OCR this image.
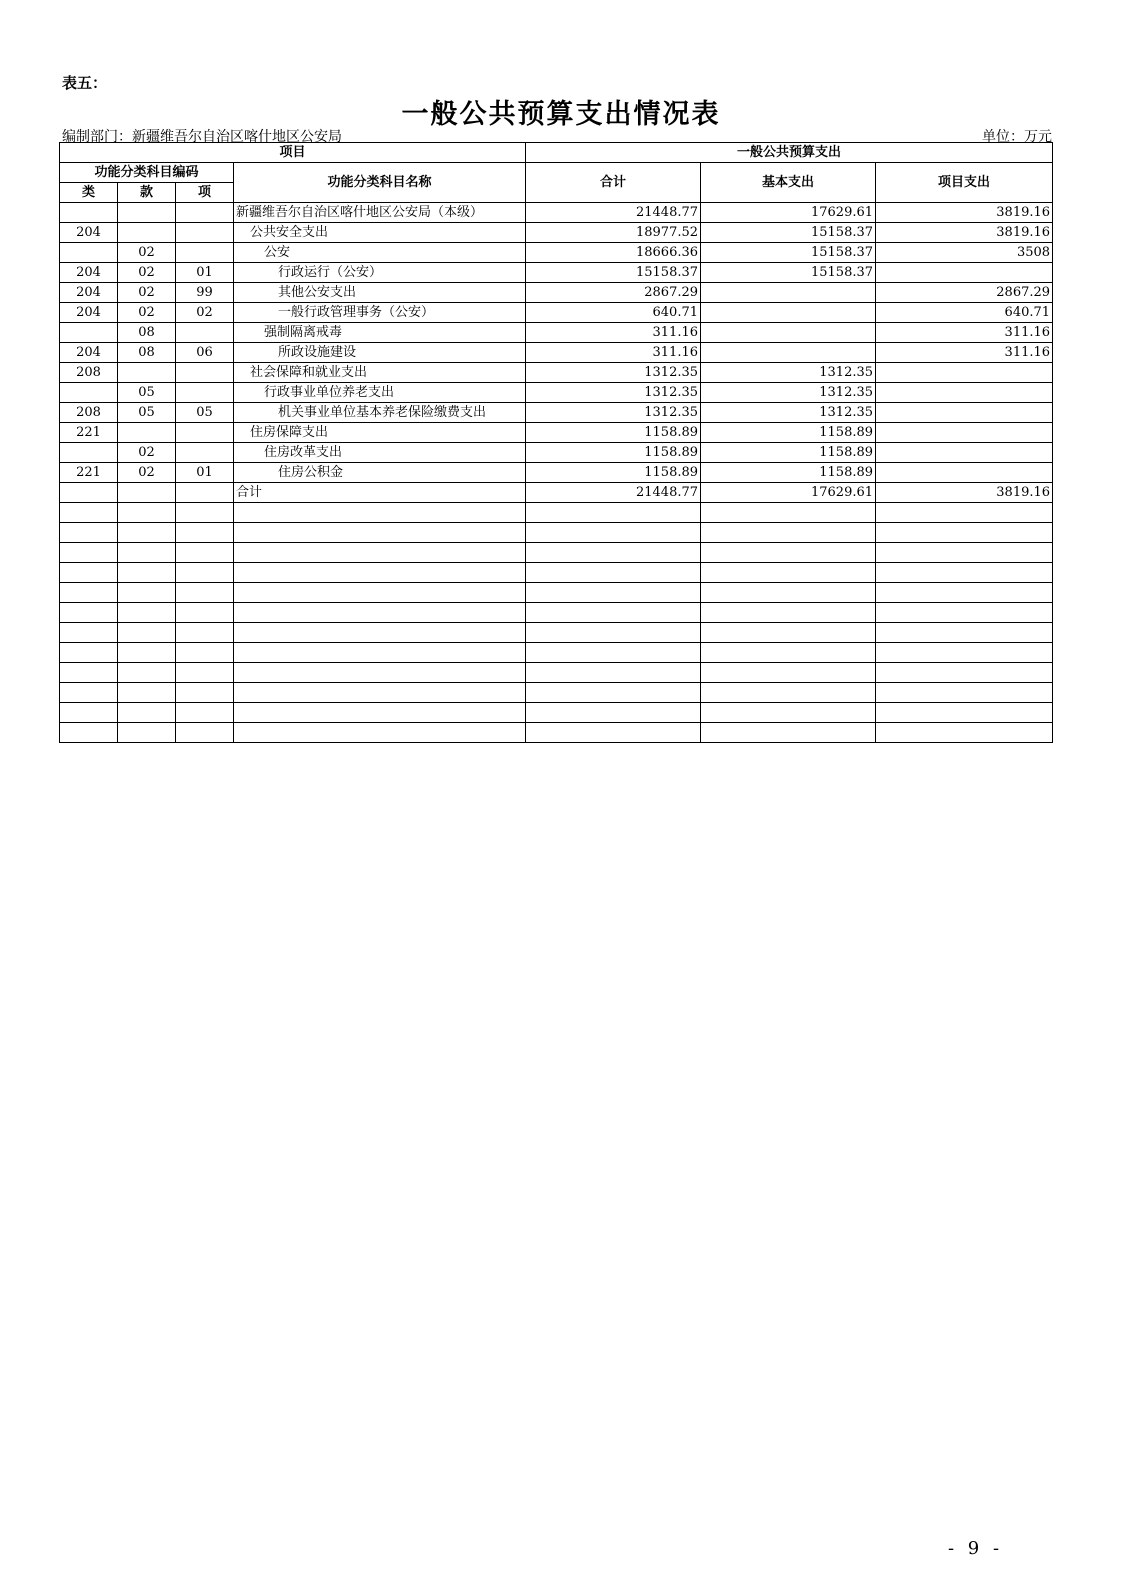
表五：
一般公共预算支出情况表
编制部门：新疆维吾尔自治区喀什地区公安局	单位：万元
项目				一般公共预算支出		
功能分类科目编码			功能分类科目名称	合计	基本支出	项目支出
类	款	项				
			新疆维吾尔自治区喀什地区公安局（本级）	21448.77	17629.61	3819.16
204			公共安全支出	18977.52	15158.37	3819.16
	02		公安	18666.36	15158.37	3508
204	02	01	行政运行（公安）	15158.37	15158.37	
204	02	99	其他公安支出	2867.29		2867.29
204	02	02	一般行政管理事务（公安）	640.71		640.71
	08		强制隔离戒毒	311.16		311.16
204	08	06	所政设施建设	311.16		311.16
208			社会保障和就业支出	1312.35	1312.35	
	05		行政事业单位养老支出	1312.35	1312.35	
208	05	05	机关事业单位基本养老保险缴费支出	1312.35	1312.35	
221			住房保障支出	1158.89	1158.89	
	02		住房改革支出	1158.89	1158.89	
221	02	01	住房公积金	1158.89	1158.89	
			合计	21448.77	17629.61	3819.16

- 9 -
